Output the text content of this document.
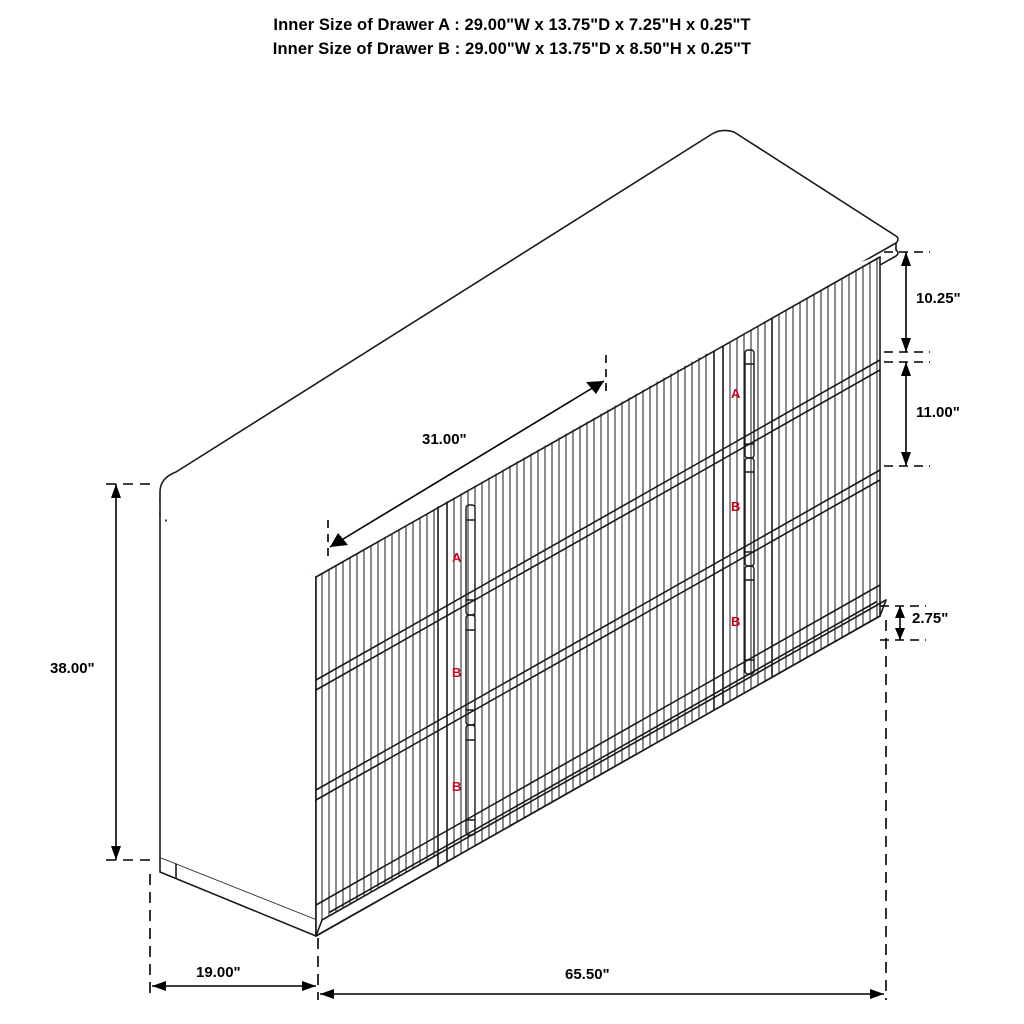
Inner Size of Drawer A : 29.00"W x 13.75"D x 7.25"H x 0.25"T
Inner Size of Drawer B : 29.00"W x 13.75"D x 8.50"H x 0.25"T
38.00"
31.00"
10.25"
11.00"
2.75"
19.00"	65.50"
A
B
B
A
B
B
